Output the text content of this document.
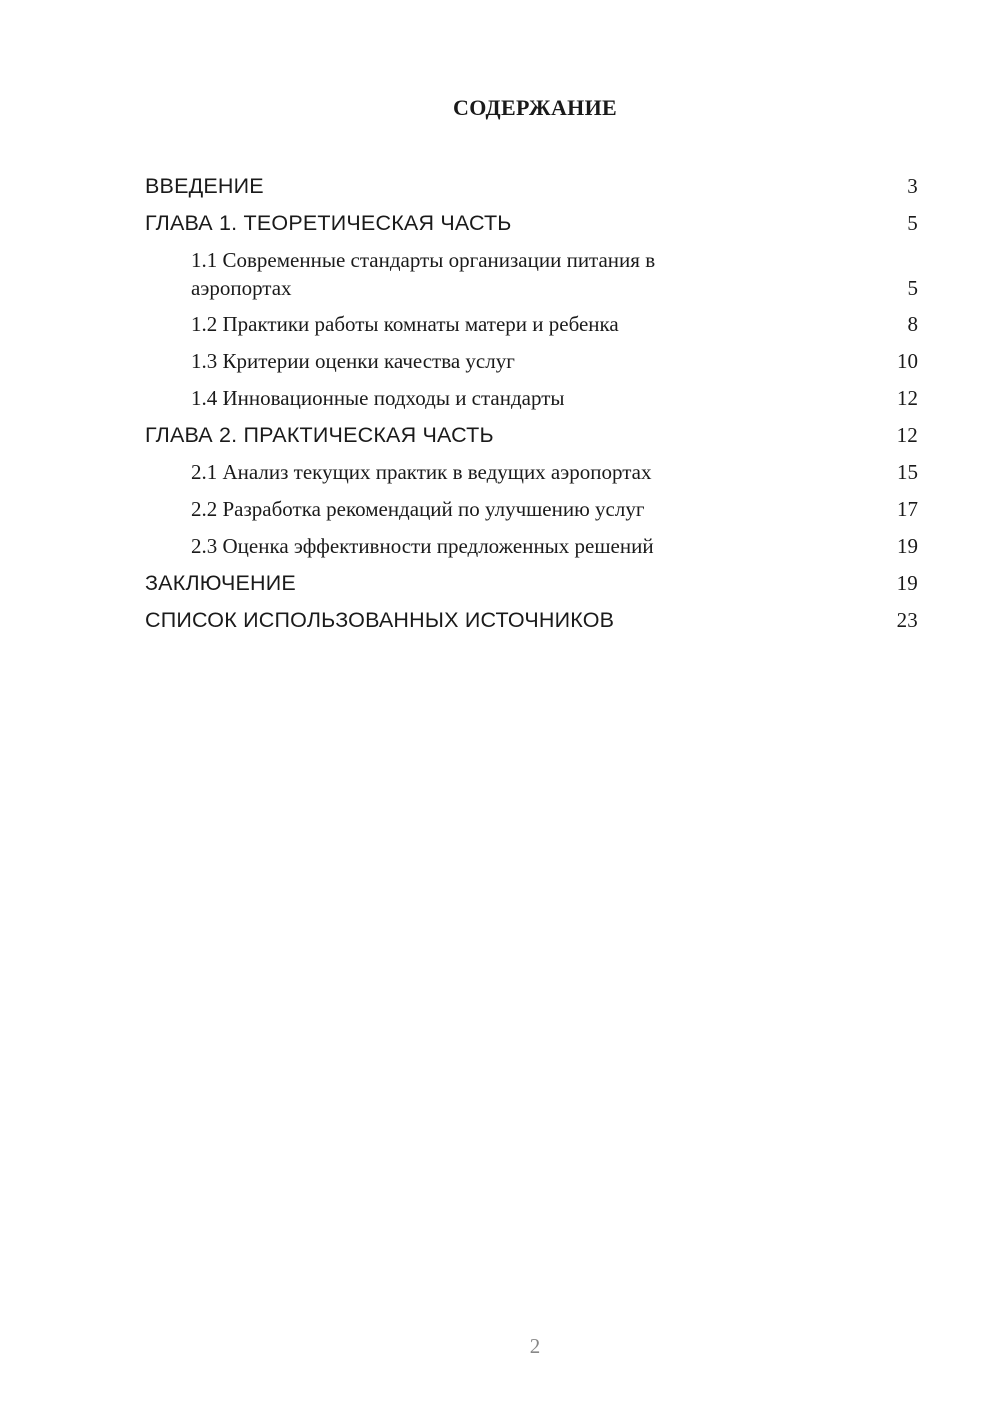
СОДЕРЖАНИЕ
ВВЕДЕНИЕ	3
ГЛАВА 1. ТЕОРЕТИЧЕСКАЯ ЧАСТЬ	5
1.1 Современные стандарты организации питания в аэропортах	5
1.2 Практики работы комнаты матери и ребенка	8
1.3 Критерии оценки качества услуг	10
1.4 Инновационные подходы и стандарты	12
ГЛАВА 2. ПРАКТИЧЕСКАЯ ЧАСТЬ	12
2.1 Анализ текущих практик в ведущих аэропортах	15
2.2 Разработка рекомендаций по улучшению услуг	17
2.3 Оценка эффективности предложенных решений	19
ЗАКЛЮЧЕНИЕ	19
СПИСОК ИСПОЛЬЗОВАННЫХ ИСТОЧНИКОВ	23
2
